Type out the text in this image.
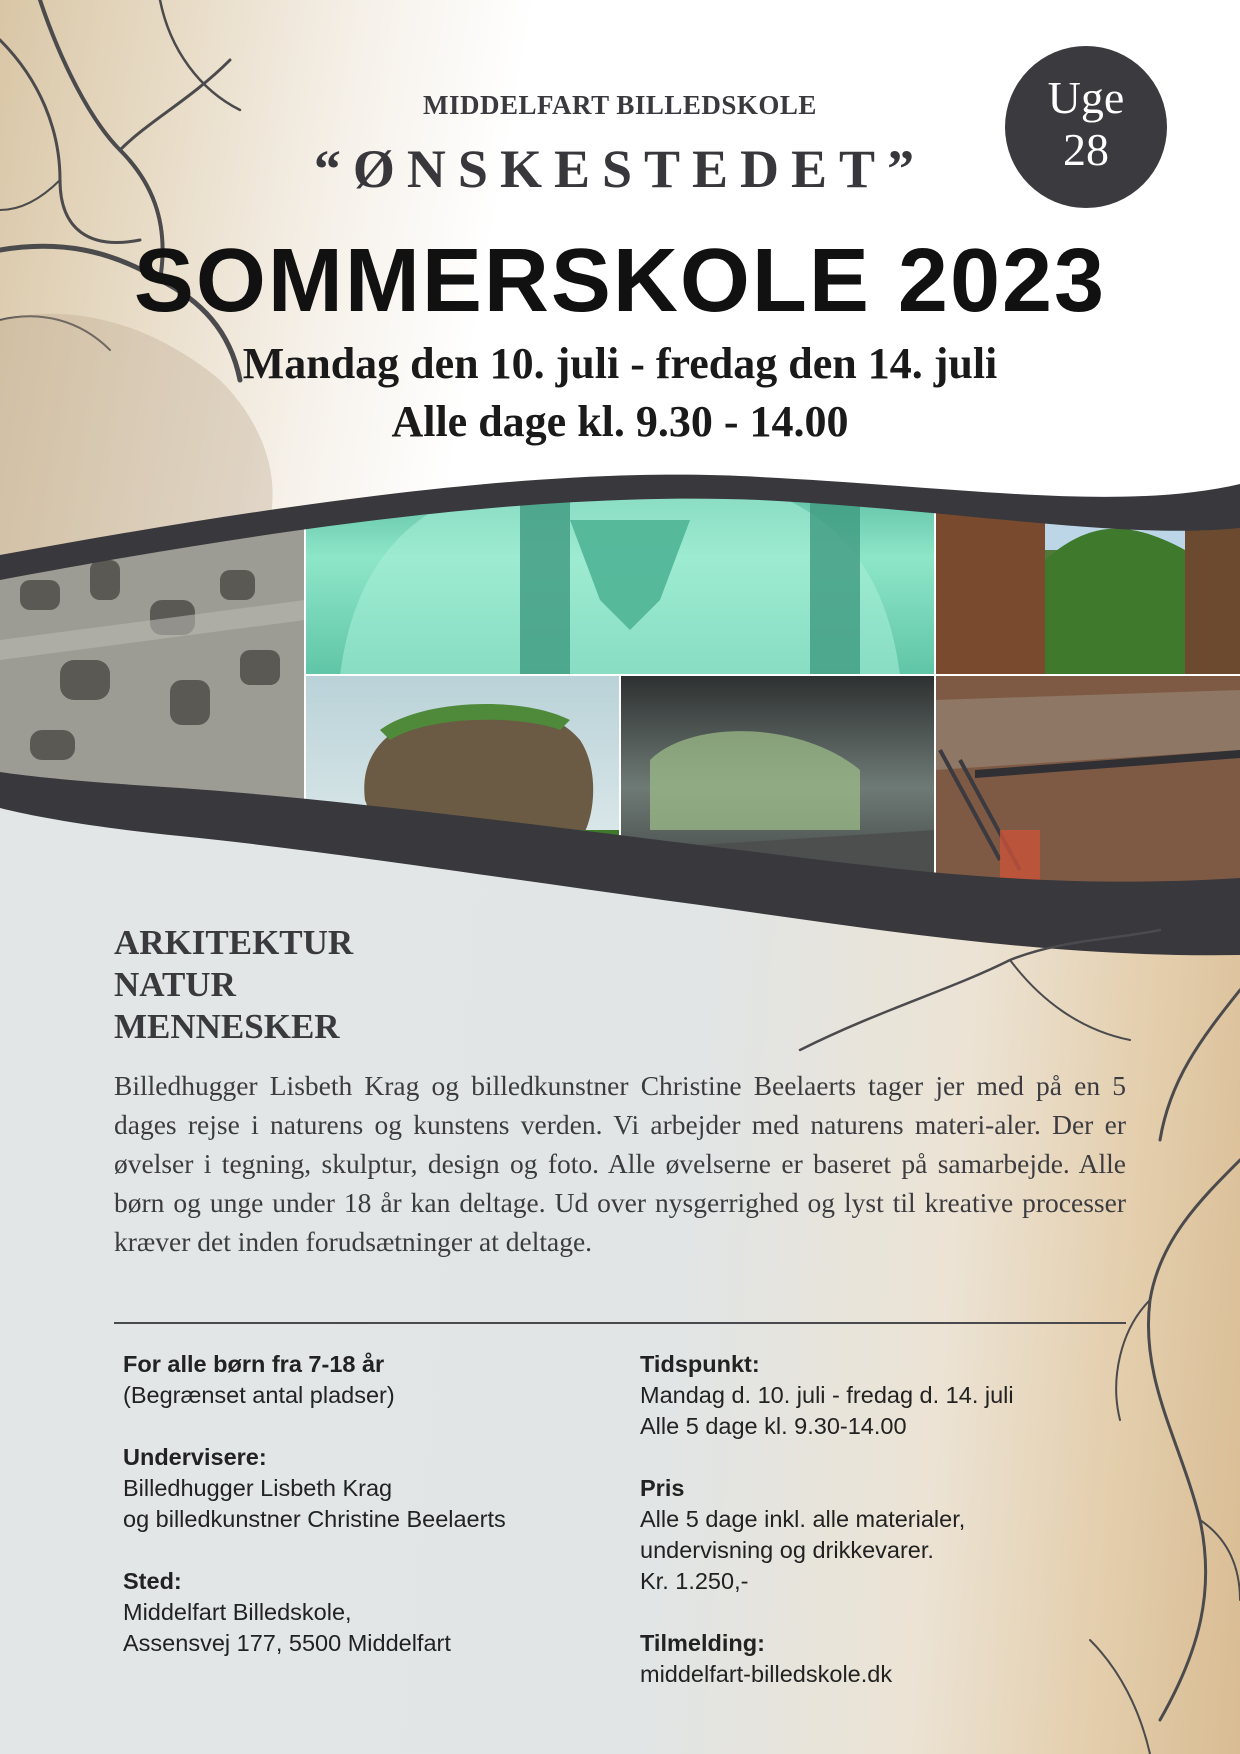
MIDDELFART BILLEDSKOLE
“ØNSKESTEDET”
SOMMERSKOLE 2023
Mandag den 10. juli - fredag den 14. juli
Alle dage kl. 9.30 - 14.00
Uge
28
ARKITEKTUR
NATUR
MENNESKER

Billedhugger Lisbeth Krag og billedkunstner Christine Beelaerts tager jer med på en 5 dages rejse i naturens og kunstens verden. Vi arbejder med naturens materi-aler. Der er øvelser i tegning, skulptur, design og foto. Alle øvelserne er baseret på samarbejde. Alle børn og unge under 18 år kan deltage. Ud over nysgerrighed og lyst til kreative processer kræver det inden forudsætninger at deltage.

For alle børn fra 7-18 år
(Begrænset antal pladser)
Undervisere:
Billedhugger Lisbeth Krag
og billedkunstner Christine Beelaerts
Sted:
Middelfart Billedskole,
Assensvej 177, 5500 Middelfart
Tidspunkt:
Mandag d. 10. juli - fredag d. 14. juli
Alle 5 dage kl. 9.30-14.00
Pris
Alle 5 dage inkl. alle materialer,
undervisning og drikkevarer.
Kr. 1.250,-
Tilmelding:
middelfart-billedskole.dk
